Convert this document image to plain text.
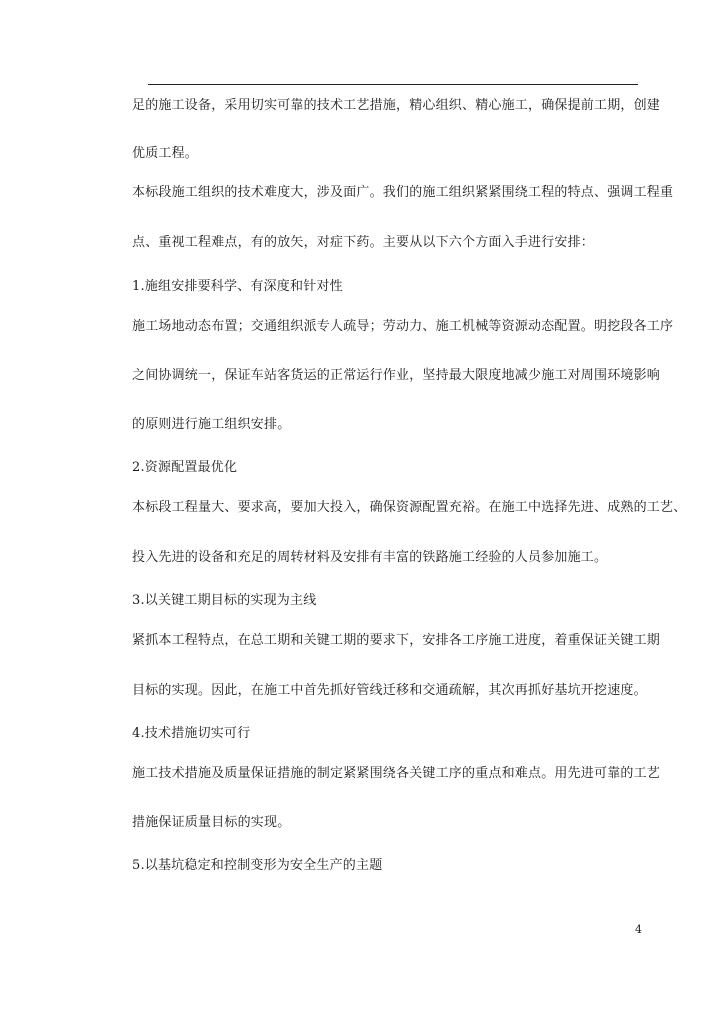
足的施工设备，采用切实可靠的技术工艺措施，精心组织、精心施工，确保提前工期，创建
优质工程。
本标段施工组织的技术难度大，涉及面广。我们的施工组织紧紧围绕工程的特点、强调工程重
点、重视工程难点，有的放矢，对症下药。主要从以下六个方面入手进行安排：
1.施组安排要科学、有深度和针对性
施工场地动态布置；交通组织派专人疏导；劳动力、施工机械等资源动态配置。明挖段各工序
之间协调统一，保证车站客货运的正常运行作业，坚持最大限度地减少施工对周围环境影响
的原则进行施工组织安排。
2.资源配置最优化
本标段工程量大、要求高，要加大投入，确保资源配置充裕。在施工中选择先进、成熟的工艺、
投入先进的设备和充足的周转材料及安排有丰富的铁路施工经验的人员参加施工。
3.以关键工期目标的实现为主线
紧抓本工程特点，在总工期和关键工期的要求下，安排各工序施工进度，着重保证关键工期
目标的实现。因此，在施工中首先抓好管线迁移和交通疏解，其次再抓好基坑开挖速度。
4.技术措施切实可行
施工技术措施及质量保证措施的制定紧紧围绕各关键工序的重点和难点。用先进可靠的工艺
措施保证质量目标的实现。
5.以基坑稳定和控制变形为安全生产的主题
4
